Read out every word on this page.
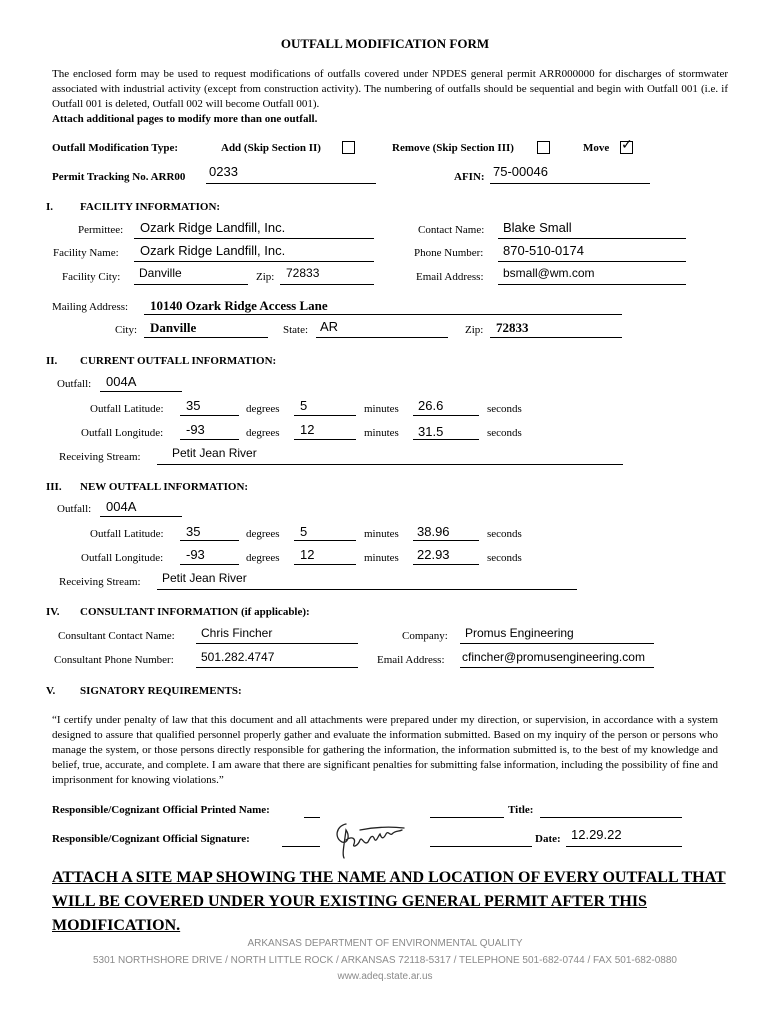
OUTFALL MODIFICATION FORM
The enclosed form may be used to request modifications of outfalls covered under NPDES general permit ARR000000 for discharges of stormwater associated with industrial activity (except from construction activity). The numbering of outfalls should be sequential and begin with Outfall 001 (i.e. if Outfall 001 is deleted, Outfall 002 will become Outfall 001).
Attach additional pages to modify more than one outfall.
Outfall Modification Type:	Add (Skip Section II)	Remove (Skip Section III)	Move ✓
Permit Tracking No. ARR00 0233	AFIN: 75-00046
I. FACILITY INFORMATION:
Permittee: Ozark Ridge Landfill, Inc.	Contact Name: Blake Small
Facility Name: Ozark Ridge Landfill, Inc.	Phone Number: 870-510-0174
Facility City: Danville	Zip: 72833	Email Address: bsmall@wm.com
Mailing Address: 10140 Ozark Ridge Access Lane
City: Danville	State: AR	Zip: 72833
II. CURRENT OUTFALL INFORMATION:
Outfall: 004A
Outfall Latitude: 35	degrees 5	minutes 26.6	seconds
Outfall Longitude: -93	degrees 12	minutes 31.5	seconds
Receiving Stream:	Petit Jean River
III. NEW OUTFALL INFORMATION:
Outfall: 004A
Outfall Latitude: 35	degrees 5	minutes 38.96	seconds
Outfall Longitude: -93	degrees 12	minutes 22.93	seconds
Receiving Stream: Petit Jean River
IV. CONSULTANT INFORMATION (if applicable):
Consultant Contact Name: Chris Fincher	Company: Promus Engineering
Consultant Phone Number: 501.282.4747	Email Address: cfincher@promusengineering.com
V. SIGNATORY REQUIREMENTS:
“I certify under penalty of law that this document and all attachments were prepared under my direction, or supervision, in accordance with a system designed to assure that qualified personnel properly gather and evaluate the information submitted. Based on my inquiry of the person or persons who manage the system, or those persons directly responsible for gathering the information, the information submitted is, to the best of my knowledge and belief, true, accurate, and complete. I am aware that there are significant penalties for submitting false information, including the possibility of fine and imprisonment for knowing violations.”
Responsible/Cognizant Official Printed Name:	Title:
Responsible/Cognizant Official Signature:	Date: 12.29.22
ATTACH A SITE MAP SHOWING THE NAME AND LOCATION OF EVERY OUTFALL THAT WILL BE COVERED UNDER YOUR EXISTING GENERAL PERMIT AFTER THIS MODIFICATION.
ARKANSAS DEPARTMENT OF ENVIRONMENTAL QUALITY
5301 NORTHSHORE DRIVE / NORTH LITTLE ROCK / ARKANSAS 72118-5317 / TELEPHONE 501-682-0744 / FAX 501-682-0880
www.adeq.state.ar.us
